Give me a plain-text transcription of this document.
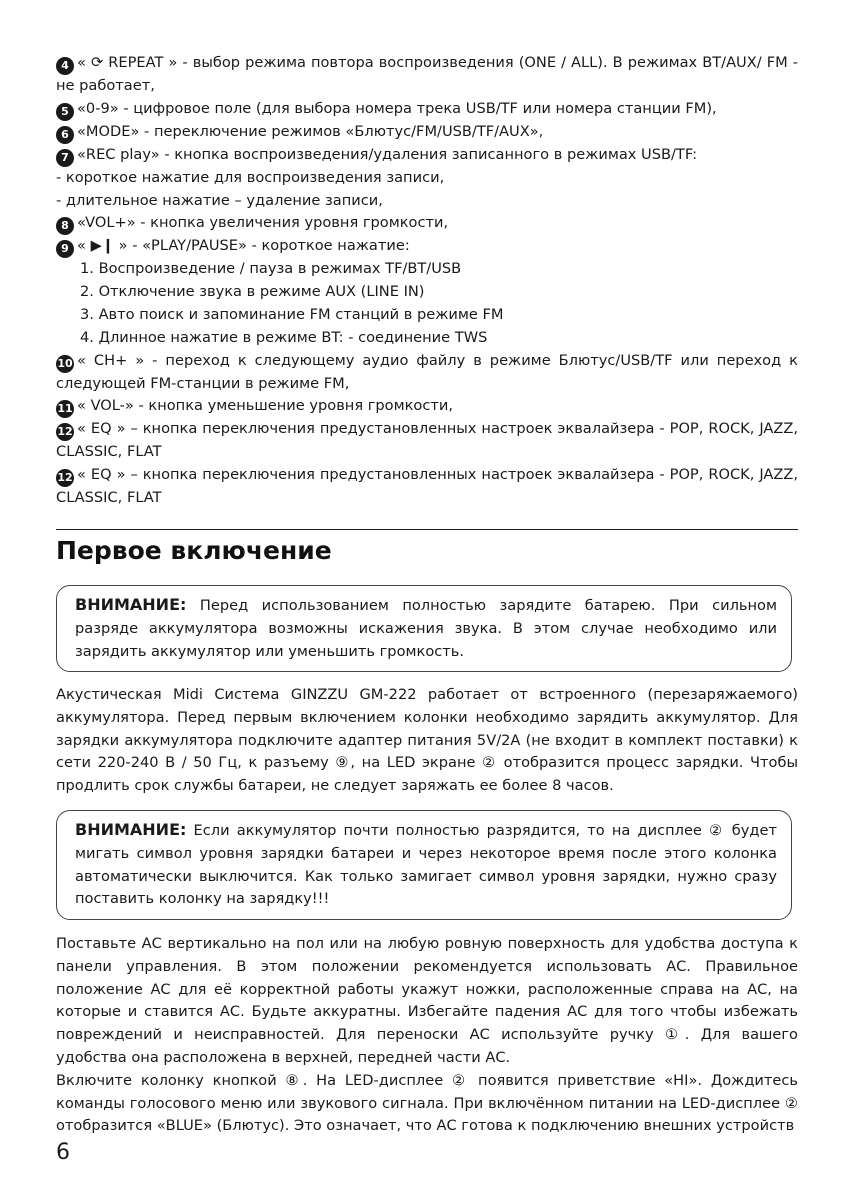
4 « ⟳ REPEAT » - выбор режима повтора воспроизведения (ONE / ALL). В режимах BT/AUX/ FM - не работает,

5 «0-9» - цифровое поле (для выбора номера трека USB/TF или номера станции FM),

6 «MODE» - переключение режимов «Блютус/FM/USB/TF/AUX»,

7 «REC play» - кнопка воспроизведения/удаления записанного в режимах USB/TF:

- короткое нажатие для воспроизведения записи,

- длительное нажатие – удаление записи,

8 «VOL+» - кнопка увеличения уровня громкости,

9 « ▶❙ » - «PLAY/PAUSE» - короткое нажатие:

1. Воспроизведение / пауза в режимах TF/BT/USB

2. Отключение звука в режиме AUX (LINE IN)

3. Авто поиск и запоминание FM станций в режиме FM

4. Длинное нажатие в режиме BT: - соединение TWS

10 « CH+ » - переход к следующему аудио файлу в режиме Блютус/USB/TF или переход к следующей FM-станции в режиме FM,

11 « VOL-» - кнопка уменьшение уровня громкости,

12 « EQ » – кнопка переключения предустановленных настроек эквалайзера - POP, ROCK, JAZZ, CLASSIC, FLAT

12 « EQ » – кнопка переключения предустановленных настроек эквалайзера - POP, ROCK, JAZZ, CLASSIC, FLAT

Первое включение

ВНИМАНИЕ: Перед использованием полностью зарядите батарею. При сильном разряде аккумулятора возможны искажения звука. В этом случае необходимо или зарядить аккумулятор или уменьшить громкость.

Акустическая Midi Система GINZZU GM-222 работает от встроенного (перезаряжаемого) аккумулятора. Перед первым включением колонки необходимо зарядить аккумулятор. Для зарядки аккумулятора подключите адаптер питания 5V/2A (не входит в комплект поставки) к сети 220-240 В / 50 Гц, к разъему ⑨, на LED экране ② отобразится процесс зарядки. Чтобы продлить срок службы батареи, не следует заряжать ее более 8 часов.

ВНИМАНИЕ: Если аккумулятор почти полностью разрядится, то на дисплее ② будет мигать символ уровня зарядки батареи и через некоторое время после этого колонка автоматически выключится. Как только замигает символ уровня зарядки, нужно сразу поставить колонку на зарядку!!!

Поставьте АС вертикально на пол или на любую ровную поверхность для удобства доступа к панели управления. В этом положении рекомендуется использовать АС. Правильное положение АС для её корректной работы укажут ножки, расположенные справа на АС, на которые и ставится АС. Будьте аккуратны. Избегайте падения АС для того чтобы избежать повреждений и неисправностей. Для переноски АС используйте ручку ①. Для вашего удобства она расположена в верхней, передней части АС.

Включите колонку кнопкой ⑧. На LED-дисплее ② появится приветствие «HI». Дождитесь команды голосового меню или звукового сигнала. При включённом питании на LED-дисплее ② отобразится «BLUE» (Блютус). Это означает, что АС готова к подключению внешних устройств

6
